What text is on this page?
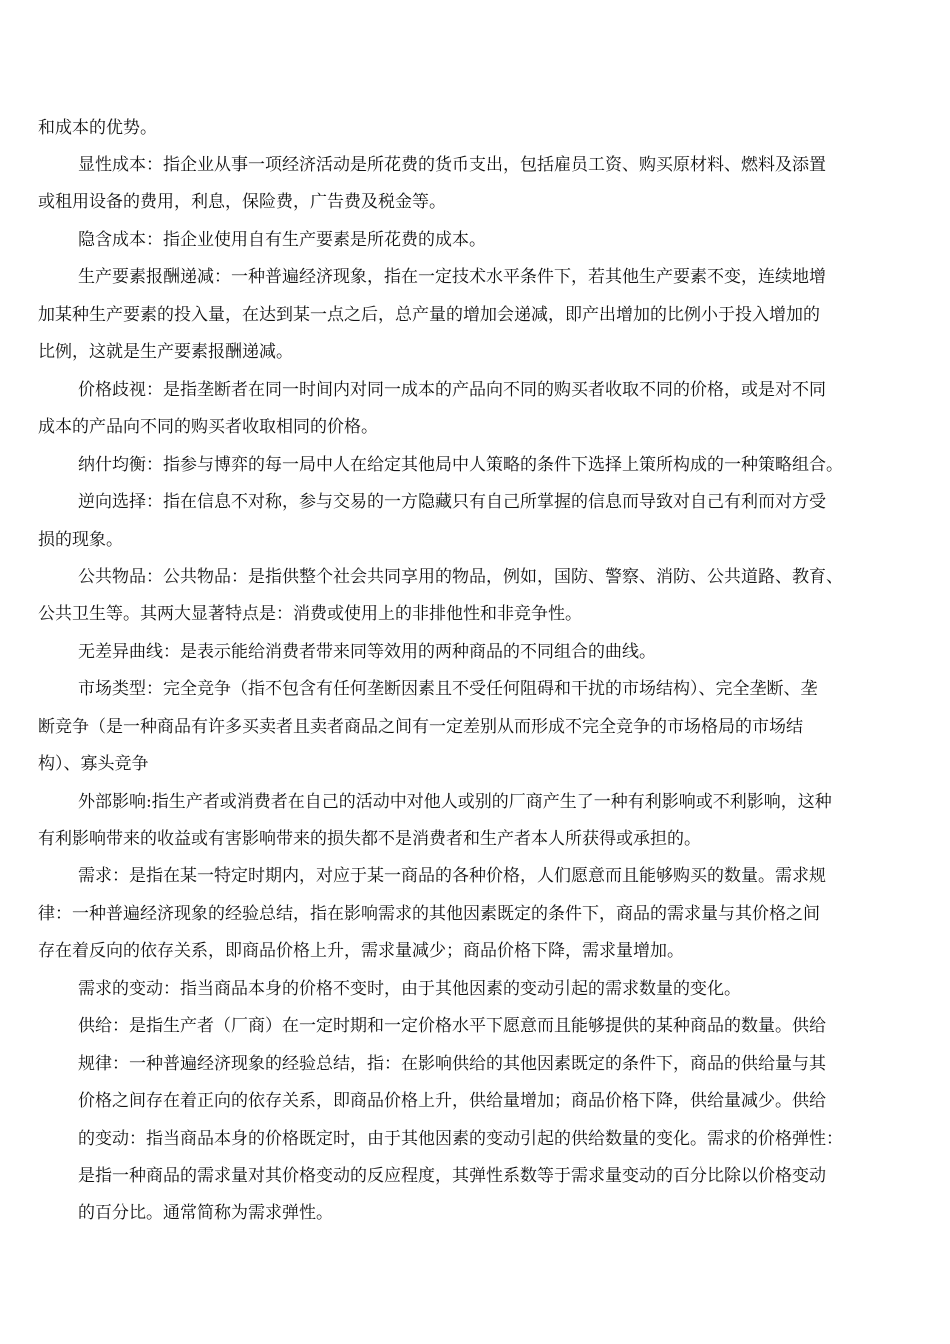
和成本的优势。
显性成本：指企业从事一项经济活动是所花费的货币支出，包括雇员工资、购买原材料、燃料及添置
或租用设备的费用，利息，保险费，广告费及税金等。
隐含成本：指企业使用自有生产要素是所花费的成本。
生产要素报酬递减：一种普遍经济现象，指在一定技术水平条件下，若其他生产要素不变，连续地增
加某种生产要素的投入量，在达到某一点之后，总产量的增加会递减，即产出增加的比例小于投入增加的
比例，这就是生产要素报酬递减。
价格歧视：是指垄断者在同一时间内对同一成本的产品向不同的购买者收取不同的价格，或是对不同
成本的产品向不同的购买者收取相同的价格。
纳什均衡：指参与博弈的每一局中人在给定其他局中人策略的条件下选择上策所构成的一种策略组合。
逆向选择：指在信息不对称，参与交易的一方隐藏只有自己所掌握的信息而导致对自己有利而对方受
损的现象。
公共物品：公共物品：是指供整个社会共同享用的物品，例如，国防、警察、消防、公共道路、教育、
公共卫生等。其两大显著特点是：消费或使用上的非排他性和非竞争性。
无差异曲线：是表示能给消费者带来同等效用的两种商品的不同组合的曲线。
市场类型：完全竞争（指不包含有任何垄断因素且不受任何阻碍和干扰的市场结构）、完全垄断、垄
断竞争（是一种商品有许多买卖者且卖者商品之间有一定差别从而形成不完全竞争的市场格局的市场结
构）、寡头竞争
外部影响:指生产者或消费者在自己的活动中对他人或别的厂商产生了一种有利影响或不利影响，这种
有利影响带来的收益或有害影响带来的损失都不是消费者和生产者本人所获得或承担的。
需求：是指在某一特定时期内，对应于某一商品的各种价格，人们愿意而且能够购买的数量。需求规
律：一种普遍经济现象的经验总结，指在影响需求的其他因素既定的条件下，商品的需求量与其价格之间
存在着反向的依存关系，即商品价格上升，需求量减少；商品价格下降，需求量增加。
需求的变动：指当商品本身的价格不变时，由于其他因素的变动引起的需求数量的变化。
供给：是指生产者（厂商）在一定时期和一定价格水平下愿意而且能够提供的某种商品的数量。供给
规律：一种普遍经济现象的经验总结，指：在影响供给的其他因素既定的条件下，商品的供给量与其
价格之间存在着正向的依存关系，即商品价格上升，供给量增加；商品价格下降，供给量减少。供给
的变动：指当商品本身的价格既定时，由于其他因素的变动引起的供给数量的变化。需求的价格弹性：
是指一种商品的需求量对其价格变动的反应程度，其弹性系数等于需求量变动的百分比除以价格变动
的百分比。通常简称为需求弹性。
